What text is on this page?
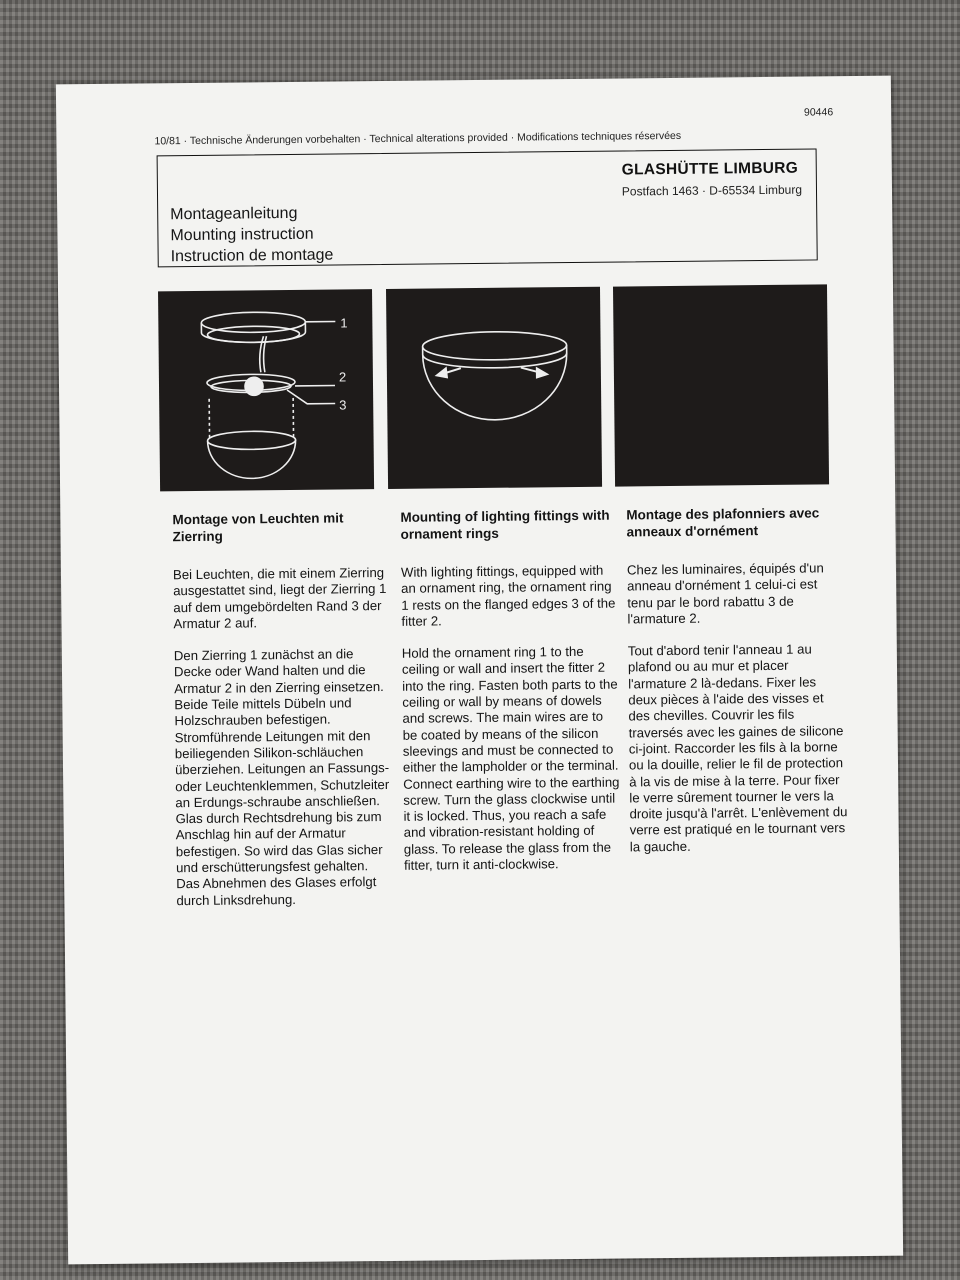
90446
10/81 · Technische Änderungen vorbehalten · Technical alterations provided · Modifications techniques réservées
GLASHÜTTE LIMBURG
Postfach 1463 · D-65534 Limburg
Montageanleitung
Mounting instruction
Instruction de montage
1
2
3
Montage von Leuchten mit Zierring

Bei Leuchten, die mit einem Zierring ausgestattet sind, liegt der Zierring 1 auf dem umgebördelten Rand 3 der Armatur 2 auf.

Den Zierring 1 zunächst an die Decke oder Wand halten und die Armatur 2 in den Zierring einsetzen. Beide Teile mittels Dübeln und Holzschrauben befestigen. Stromführende Leitungen mit den beiliegenden Silikon-schläuchen überziehen. Leitungen an Fassungs- oder Leuchtenklemmen, Schutzleiter an Erdungs-schraube anschließen. Glas durch Rechtsdrehung bis zum Anschlag hin auf der Armatur befestigen. So wird das Glas sicher und erschütterungsfest gehalten. Das Abnehmen des Glases erfolgt durch Linksdrehung.

Mounting of lighting fittings with ornament rings

With lighting fittings, equipped with an ornament ring, the ornament ring 1 rests on the flanged edges 3 of the fitter 2.

Hold the ornament ring 1 to the ceiling or wall and insert the fitter 2 into the ring. Fasten both parts to the ceiling or wall by means of dowels and screws. The main wires are to be coated by means of the silicon sleevings and must be connected to either the lampholder or the terminal. Connect earthing wire to the earthing screw. Turn the glass clockwise until it is locked. Thus, you reach a safe and vibration-resistant holding of glass. To release the glass from the fitter, turn it anti-clockwise.

Montage des plafonniers avec anneaux d'ornément

Chez les luminaires, équipés d'un anneau d'ornément 1 celui-ci est tenu par le bord rabattu 3 de l'armature 2.

Tout d'abord tenir l'anneau 1 au plafond ou au mur et placer l'armature 2 là-dedans. Fixer les deux pièces à l'aide des visses et des chevilles. Couvrir les fils traversés avec les gaines de silicone ci-joint. Raccorder les fils à la borne ou la douille, relier le fil de protection à la vis de mise à la terre. Pour fixer le verre sûrement tourner le vers la droite jusqu'à l'arrêt. L'enlèvement du verre est pratiqué en le tournant vers la gauche.
